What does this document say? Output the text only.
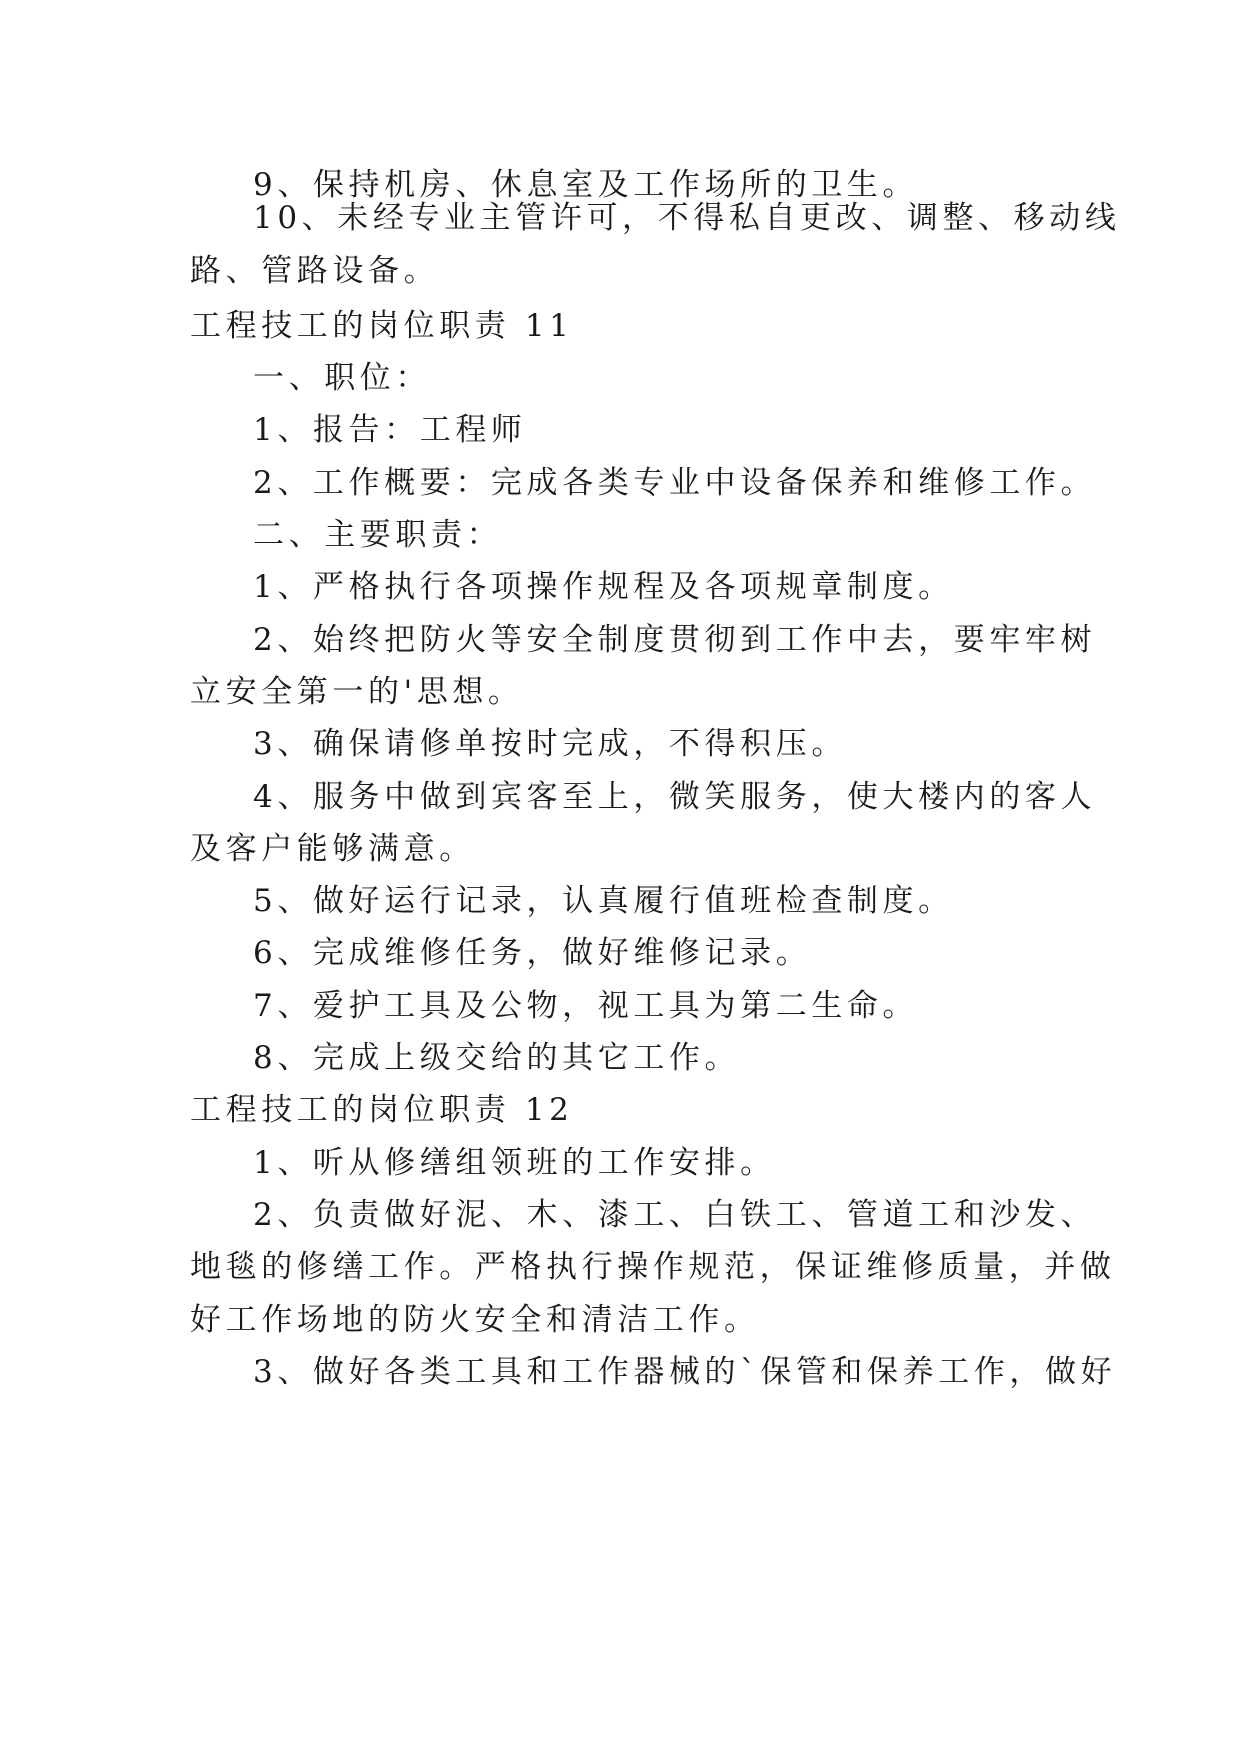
9、保持机房、休息室及工作场所的卫生。
10、未经专业主管许可，不得私自更改、调整、移动线
路、管路设备。
工程技工的岗位职责 11
一、职位：
1、报告：工程师
2、工作概要：完成各类专业中设备保养和维修工作。
二、主要职责：
1、严格执行各项操作规程及各项规章制度。
2、始终把防火等安全制度贯彻到工作中去，要牢牢树
立安全第一的'思想。
3、确保请修单按时完成，不得积压。
4、服务中做到宾客至上，微笑服务，使大楼内的客人
及客户能够满意。
5、做好运行记录，认真履行值班检查制度。
6、完成维修任务，做好维修记录。
7、爱护工具及公物，视工具为第二生命。
8、完成上级交给的其它工作。
工程技工的岗位职责 12
1、听从修缮组领班的工作安排。
2、负责做好泥、木、漆工、白铁工、管道工和沙发、
地毯的修缮工作。严格执行操作规范，保证维修质量，并做
好工作场地的防火安全和清洁工作。
3、做好各类工具和工作器械的`保管和保养工作，做好
